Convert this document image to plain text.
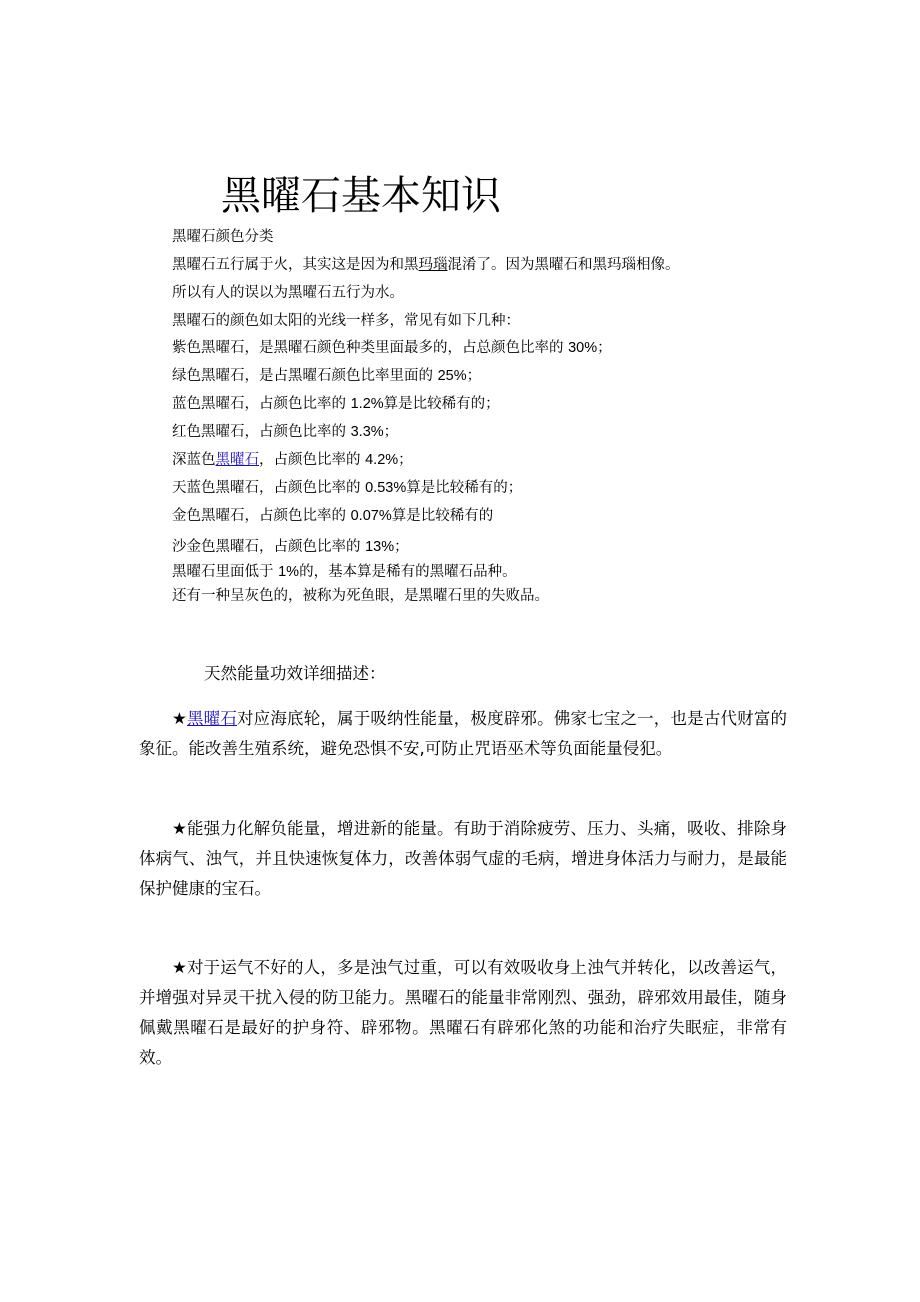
黑曜石基本知识
黑曜石颜色分类
黑曜石五行属于火，其实这是因为和黑玛瑙混淆了。因为黑曜石和黑玛瑙相像。
所以有人的误以为黑曜石五行为水。
黑曜石的颜色如太阳的光线一样多，常见有如下几种：
紫色黑曜石，是黑曜石颜色种类里面最多的，占总颜色比率的 30%；
绿色黑曜石，是占黑曜石颜色比率里面的 25%；
蓝色黑曜石，占颜色比率的 1.2%算是比较稀有的；
红色黑曜石，占颜色比率的 3.3%；
深蓝色黑曜石，占颜色比率的 4.2%；
天蓝色黑曜石，占颜色比率的 0.53%算是比较稀有的；
金色黑曜石，占颜色比率的 0.07%算是比较稀有的
沙金色黑曜石，占颜色比率的 13%；
黑曜石里面低于 1%的，基本算是稀有的黑曜石品种。
还有一种呈灰色的，被称为死鱼眼，是黑曜石里的失败品。
天然能量功效详细描述：
★黑曜石对应海底轮，属于吸纳性能量，极度辟邪。佛家七宝之一，也是古代财富的象征。能改善生殖系统，避免恐惧不安,可防止咒语巫术等负面能量侵犯。
★能强力化解负能量，增进新的能量。有助于消除疲劳、压力、头痛，吸收、排除身体病气、浊气，并且快速恢复体力，改善体弱气虚的毛病，增进身体活力与耐力，是最能保护健康的宝石。
★对于运气不好的人，多是浊气过重，可以有效吸收身上浊气并转化，以改善运气，并增强对异灵干扰入侵的防卫能力。黑曜石的能量非常刚烈、强劲，辟邪效用最佳，随身佩戴黑曜石是最好的护身符、辟邪物。黑曜石有辟邪化煞的功能和治疗失眠症，非常有效。
